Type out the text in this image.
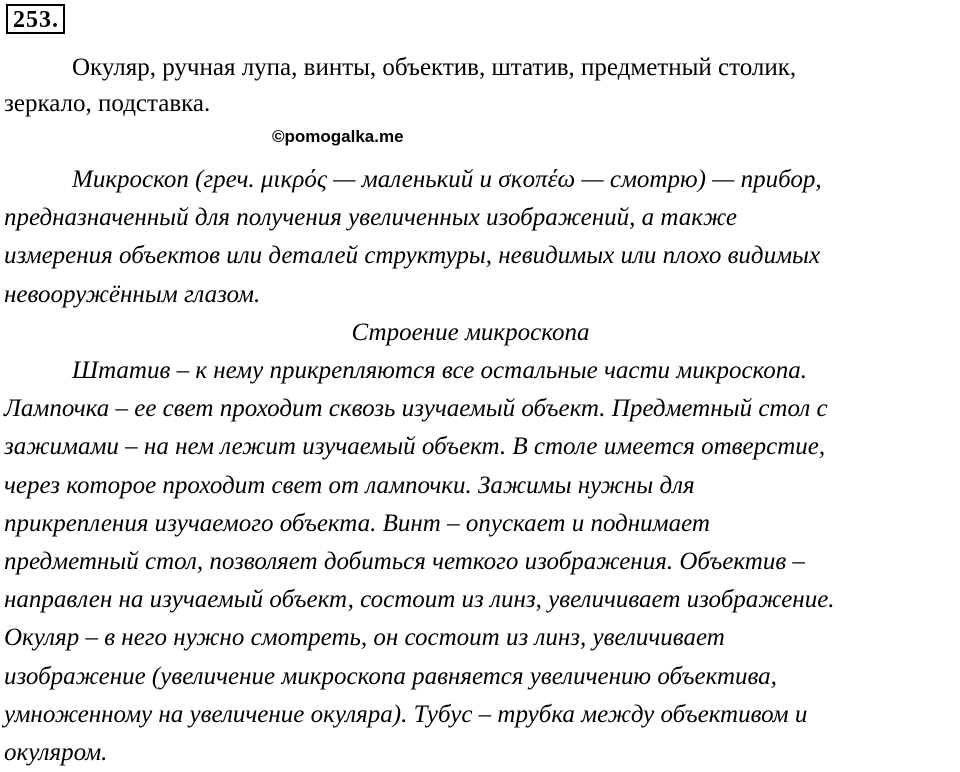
253.
Окуляр, ручная лупа, винты, объектив, штатив, предметный столик,
зеркало, подставка.
©pomogalka.me

Микроскоп (греч. μικρός — маленький и σκοπέω — смотрю) — прибор,
предназначенный для получения увеличенных изображений, а также
измерения объектов или деталей структуры, невидимых или плохо видимых
невооружённым глазом.

Строение микроскопа

Штатив – к нему прикрепляются все остальные части микроскопа.
Лампочка – ее свет проходит сквозь изучаемый объект. Предметный стол с
зажимами – на нем лежит изучаемый объект. В столе имеется отверстие,
через которое проходит свет от лампочки. Зажимы нужны для
прикрепления изучаемого объекта. Винт – опускает и поднимает
предметный стол, позволяет добиться четкого изображения. Объектив –
направлен на изучаемый объект, состоит из линз, увеличивает изображение.
Окуляр – в него нужно смотреть, он состоит из линз, увеличивает
изображение (увеличение микроскопа равняется увеличению объектива,
умноженному на увеличение окуляра). Тубус – трубка между объективом и
окуляром.
